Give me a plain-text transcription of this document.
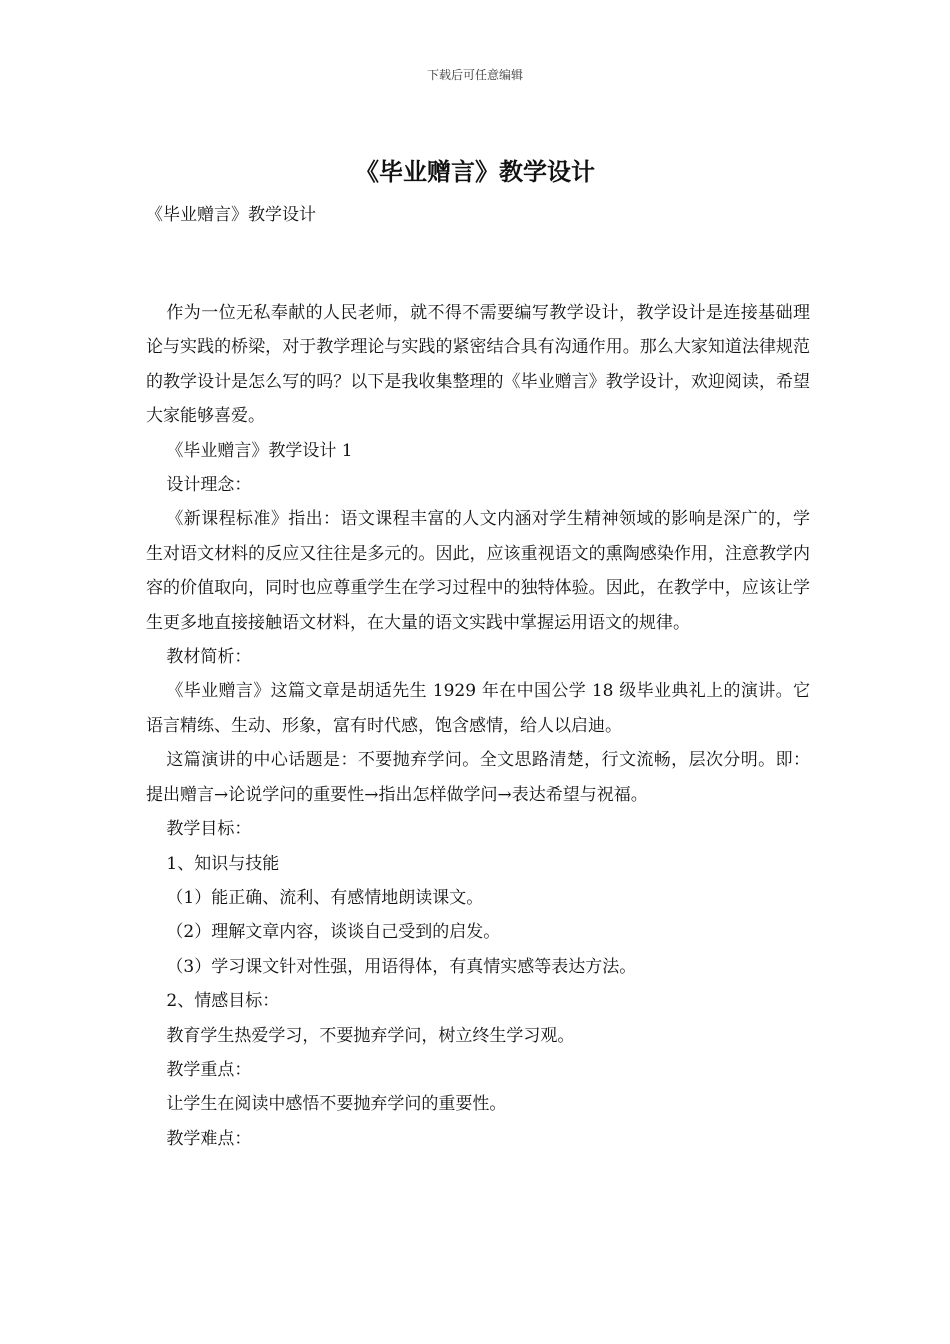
下载后可任意编辑
《毕业赠言》教学设计
《毕业赠言》教学设计

作为一位无私奉献的人民老师，就不得不需要编写教学设计，教学设计是连接基础理论与实践的桥梁，对于教学理论与实践的紧密结合具有沟通作用。那么大家知道法律规范的教学设计是怎么写的吗？以下是我收集整理的《毕业赠言》教学设计，欢迎阅读，希望大家能够喜爱。

《毕业赠言》教学设计 1

设计理念：

《新课程标准》指出：语文课程丰富的人文内涵对学生精神领域的影响是深广的，学生对语文材料的反应又往往是多元的。因此，应该重视语文的熏陶感染作用，注意教学内容的价值取向，同时也应尊重学生在学习过程中的独特体验。因此，在教学中，应该让学生更多地直接接触语文材料，在大量的语文实践中掌握运用语文的规律。

教材简析：

《毕业赠言》这篇文章是胡适先生 1929 年在中国公学 18 级毕业典礼上的演讲。它语言精练、生动、形象，富有时代感，饱含感情，给人以启迪。

这篇演讲的中心话题是：不要抛弃学问。全文思路清楚，行文流畅，层次分明。即：提出赠言→论说学问的重要性→指出怎样做学问→表达希望与祝福。

教学目标：

1、知识与技能

（1）能正确、流利、有感情地朗读课文。

（2）理解文章内容，谈谈自己受到的启发。

（3）学习课文针对性强，用语得体，有真情实感等表达方法。

2、情感目标：

教育学生热爱学习，不要抛弃学问，树立终生学习观。

教学重点：

让学生在阅读中感悟不要抛弃学问的重要性。

教学难点：
